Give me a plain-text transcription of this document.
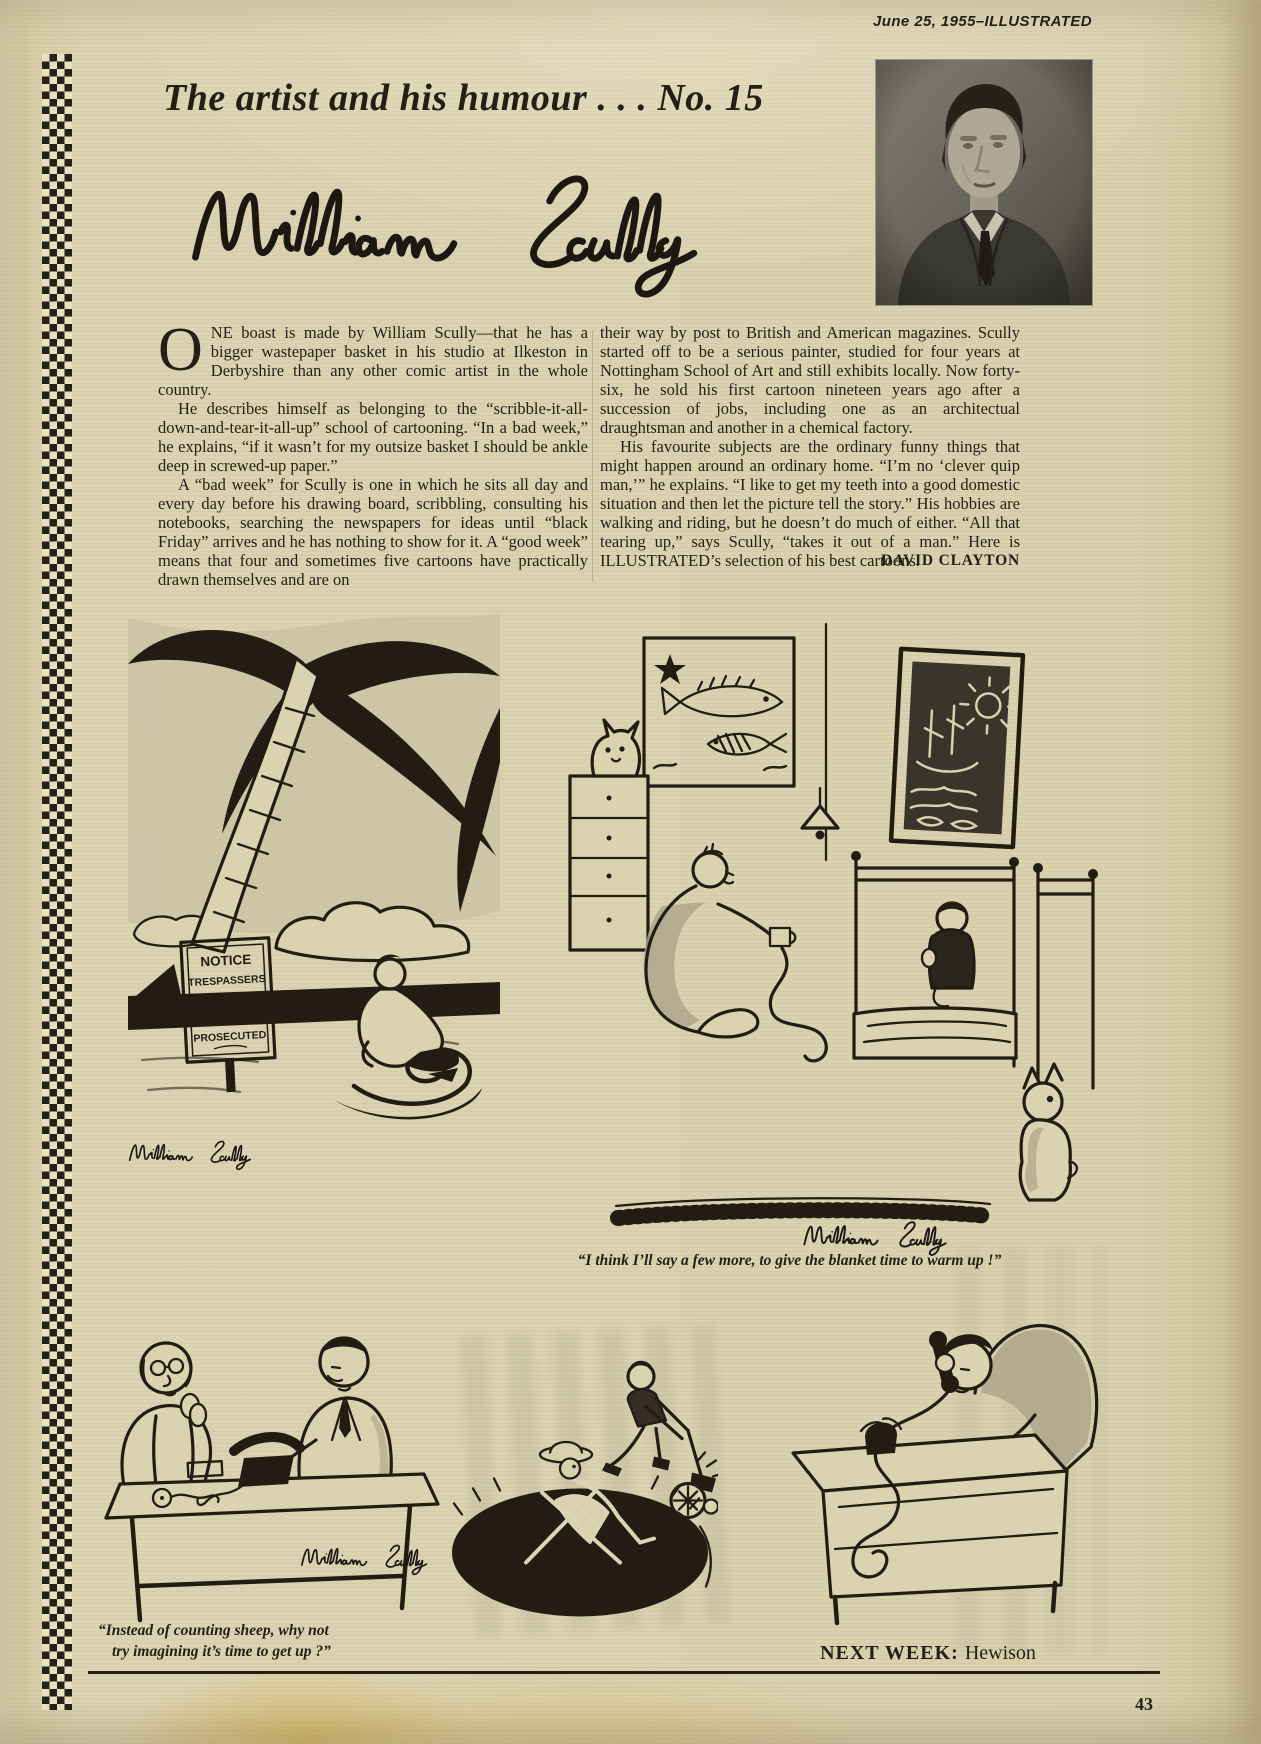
June 25, 1955–ILLUSTRATED
The artist and his humour . . . No. 15

ONE boast is made by William Scully—that he has a bigger wastepaper basket in his studio at Ilkeston in Derbyshire than any other comic artist in the whole country.

He describes himself as belonging to the “scribble-it-all-down-and-tear-it-all-up” school of cartooning. “In a bad week,” he explains, “if it wasn’t for my outsize basket I should be ankle deep in screwed-up paper.”

A “bad week” for Scully is one in which he sits all day and every day before his drawing board, scribbling, consulting his notebooks, searching the newspapers for ideas until “black Friday” arrives and he has nothing to show for it. A “good week” means that four and sometimes five cartoons have practically drawn themselves and are on

their way by post to British and American magazines. Scully started off to be a serious painter, studied for four years at Nottingham School of Art and still exhibits locally. Now forty-six, he sold his first cartoon nineteen years ago after a succession of jobs, including one as an architectual draughtsman and another in a chemical factory.

His favourite subjects are the ordinary funny things that might happen around an ordinary home. “I’m no ‘clever quip man,’” he explains. “I like to get my teeth into a good domestic situation and then let the picture tell the story.” His hobbies are walking and riding, but he doesn’t do much of either. “All that tearing up,” says Scully, “takes it out of a man.” Here is ILLUSTRATED’s selection of his best cartoons.

DAVID CLAYTON
NOTICE
TRESPASSERS
WILL
BE
PROSECUTED
“I think I’ll say a few more, to give the blanket time to warm up !”
“Instead of counting sheep, why not
try imagining it’s time to get up ?”	NEXT WEEK: Hewison
43
